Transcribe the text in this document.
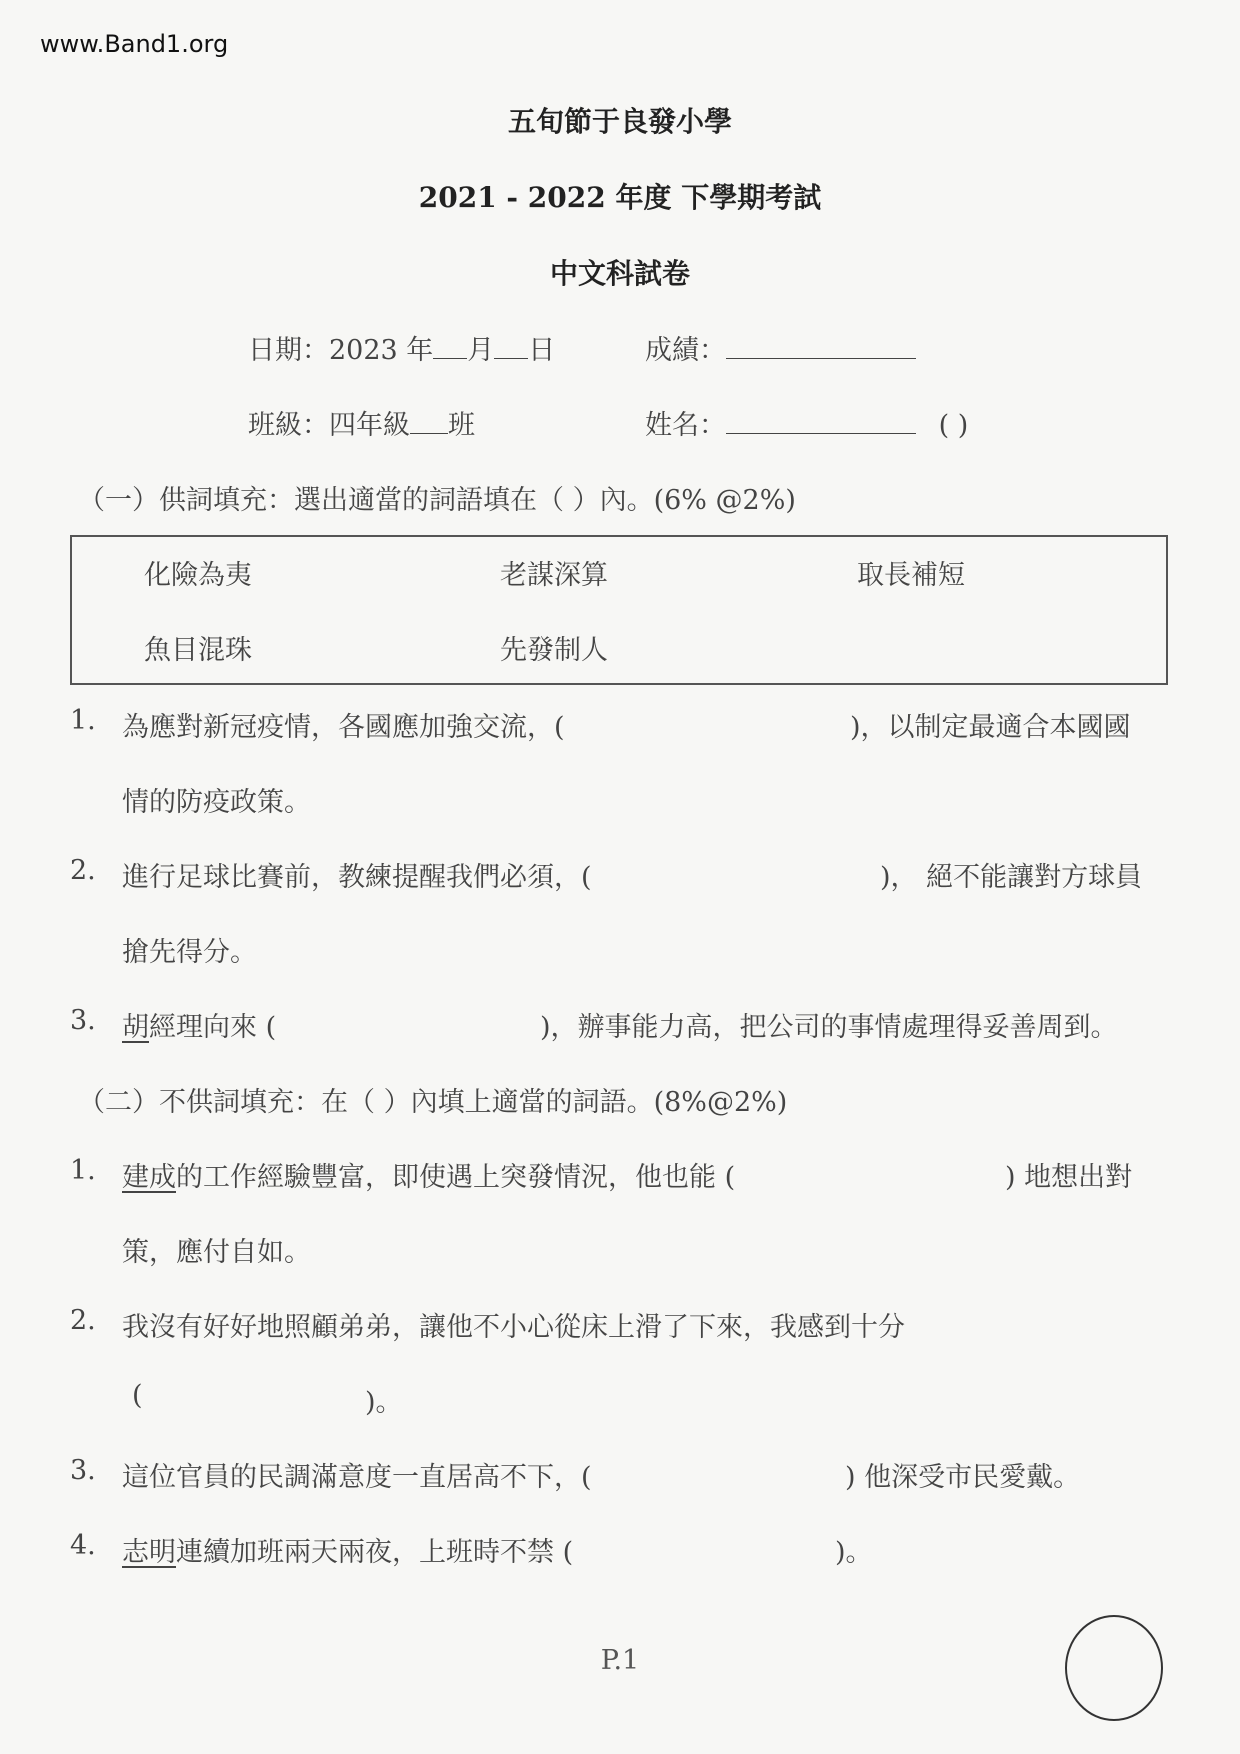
www.Band1.org
五旬節于良發小學
2021 - 2022 年度 下學期考試
中文科試卷
日期：2023 年 月 日	成績：
班級：四年級 班	姓名：	( )
（一）供詞填充：選出適當的詞語填在（ ）內。(6% @2%)
化險為夷	老謀深算	取長補短
魚目混珠	先發制人
1. 為應對新冠疫情，各國應加強交流，(	)，以制定最適合本國國
情的防疫政策。
2. 進行足球比賽前，教練提醒我們必須，(	)， 絕不能讓對方球員
搶先得分。
3. 胡經理向來 (	)，辦事能力高，把公司的事情處理得妥善周到。
（二）不供詞填充：在（ ）內填上適當的詞語。(8%@2%)
1. 建成的工作經驗豐富，即使遇上突發情況，他也能 (	) 地想出對
策，應付自如。
2. 我沒有好好地照顧弟弟，讓他不小心從床上滑了下來，我感到十分
(	)。
3. 這位官員的民調滿意度一直居高不下，(	) 他深受市民愛戴。
4. 志明連續加班兩天兩夜，上班時不禁 (	)。
P.1
